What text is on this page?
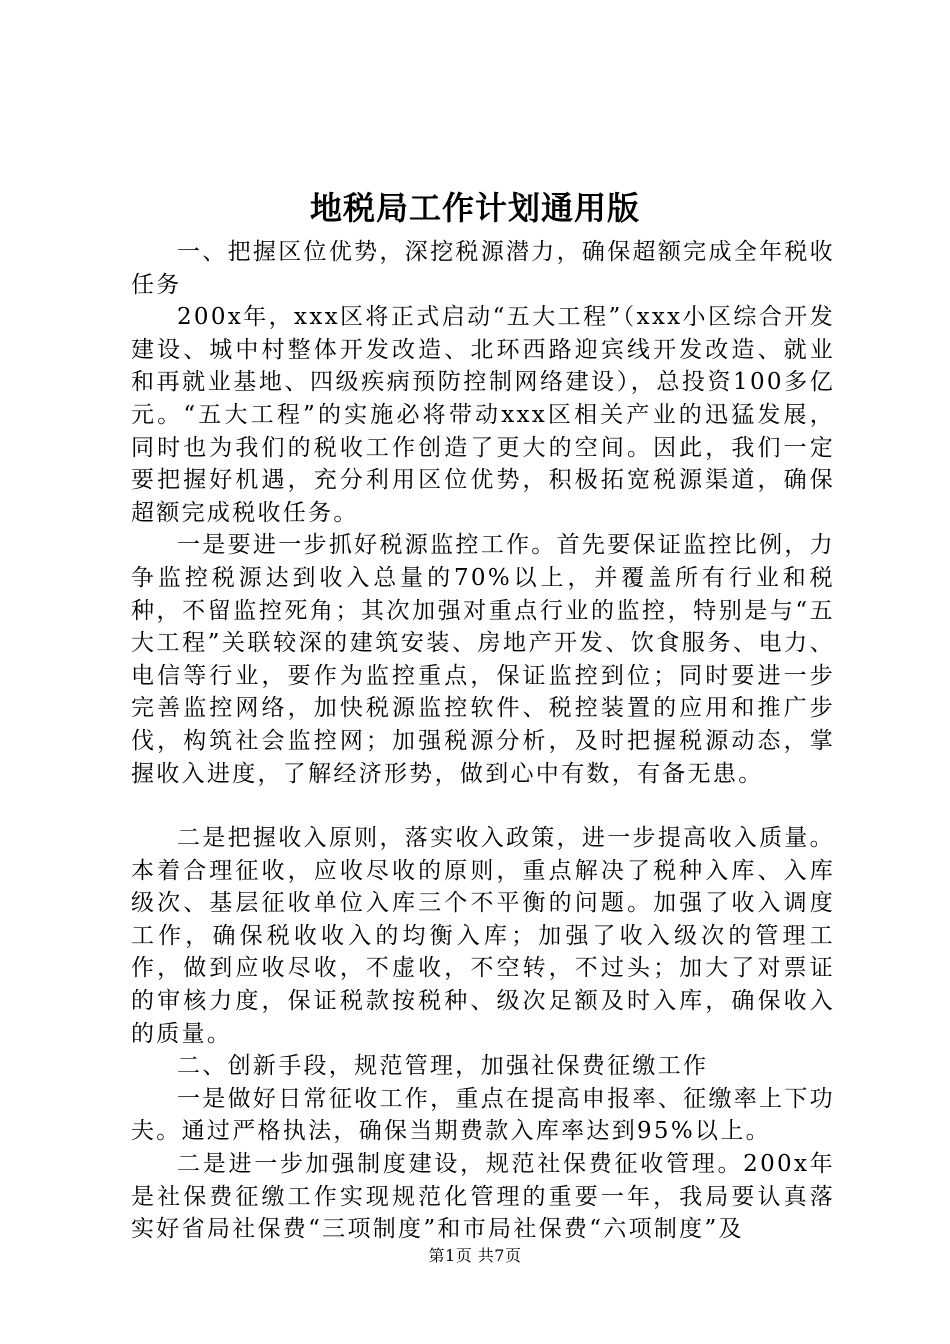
地税局工作计划通用版

一、把握区位优势，深挖税源潜力，确保超额完成全年税收任务

200x年，xxx区将正式启动“五大工程”（xxx小区综合开发建设、城中村整体开发改造、北环西路迎宾线开发改造、就业和再就业基地、四级疾病预防控制网络建设），总投资100多亿元。“五大工程”的实施必将带动xxx区相关产业的迅猛发展，同时也为我们的税收工作创造了更大的空间。因此，我们一定要把握好机遇，充分利用区位优势，积极拓宽税源渠道，确保超额完成税收任务。

一是要进一步抓好税源监控工作。首先要保证监控比例，力争监控税源达到收入总量的70%以上，并覆盖所有行业和税种，不留监控死角；其次加强对重点行业的监控，特别是与“五大工程”关联较深的建筑安装、房地产开发、饮食服务、电力、电信等行业，要作为监控重点，保证监控到位；同时要进一步完善监控网络，加快税源监控软件、税控装置的应用和推广步伐，构筑社会监控网；加强税源分析，及时把握税源动态，掌握收入进度，了解经济形势，做到心中有数，有备无患。

二是把握收入原则，落实收入政策，进一步提高收入质量。本着合理征收，应收尽收的原则，重点解决了税种入库、入库级次、基层征收单位入库三个不平衡的问题。加强了收入调度工作，确保税收收入的均衡入库；加强了收入级次的管理工作，做到应收尽收，不虚收，不空转，不过头；加大了对票证的审核力度，保证税款按税种、级次足额及时入库，确保收入的质量。

二、创新手段，规范管理，加强社保费征缴工作

一是做好日常征收工作，重点在提高申报率、征缴率上下功夫。通过严格执法，确保当期费款入库率达到95%以上。

二是进一步加强制度建设，规范社保费征收管理。200x年是社保费征缴工作实现规范化管理的重要一年，我局要认真落实好省局社保费“三项制度”和市局社保费“六项制度”及

第1页 共7页
